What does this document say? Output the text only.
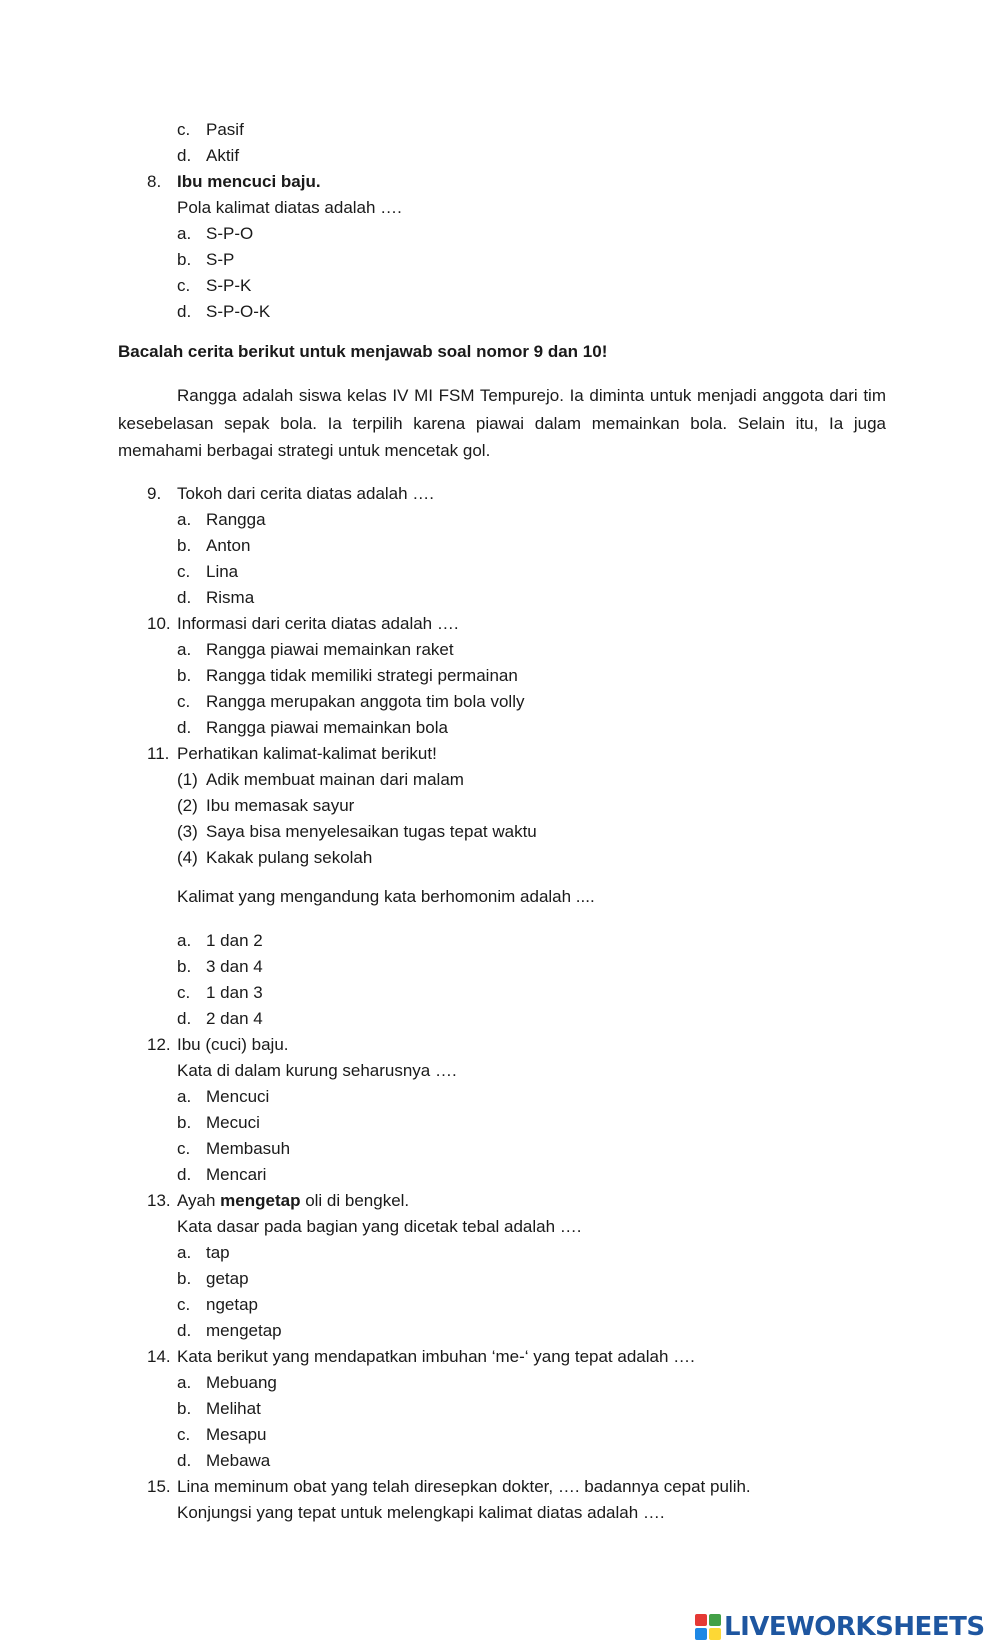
c. Pasif
d. Aktif
8. Ibu mencuci baju.
Pola kalimat diatas adalah ….
a. S-P-O
b. S-P
c. S-P-K
d. S-P-O-K
Bacalah cerita berikut untuk menjawab soal nomor 9 dan 10!
Rangga adalah siswa kelas IV MI FSM Tempurejo. Ia diminta untuk menjadi anggota dari tim kesebelasan sepak bola. Ia terpilih karena piawai dalam memainkan bola. Selain itu, Ia juga memahami berbagai strategi untuk mencetak gol.
9. Tokoh dari cerita diatas adalah ….
a. Rangga
b. Anton
c. Lina
d. Risma
10. Informasi dari cerita diatas adalah ….
a. Rangga piawai memainkan raket
b. Rangga tidak memiliki strategi permainan
c. Rangga merupakan anggota tim bola volly
d. Rangga piawai memainkan bola
11. Perhatikan kalimat-kalimat berikut!
(1) Adik membuat mainan dari malam
(2) Ibu memasak sayur
(3) Saya bisa menyelesaikan tugas tepat waktu
(4) Kakak pulang sekolah
Kalimat yang mengandung kata berhomonim adalah ....
a. 1 dan 2
b. 3 dan 4
c. 1 dan 3
d. 2 dan 4
12. Ibu (cuci) baju.
Kata di dalam kurung seharusnya ….
a. Mencuci
b. Mecuci
c. Membasuh
d. Mencari
13. Ayah mengetap oli di bengkel.
Kata dasar pada bagian yang dicetak tebal adalah ….
a. tap
b. getap
c. ngetap
d. mengetap
14. Kata berikut yang mendapatkan imbuhan ‘me-‘ yang tepat adalah ….
a. Mebuang
b. Melihat
c. Mesapu
d. Mebawa
15. Lina meminum obat yang telah diresepkan dokter, …. badannya cepat pulih.
Konjungsi yang tepat untuk melengkapi kalimat diatas adalah ….
LIVEWORKSHEETS
